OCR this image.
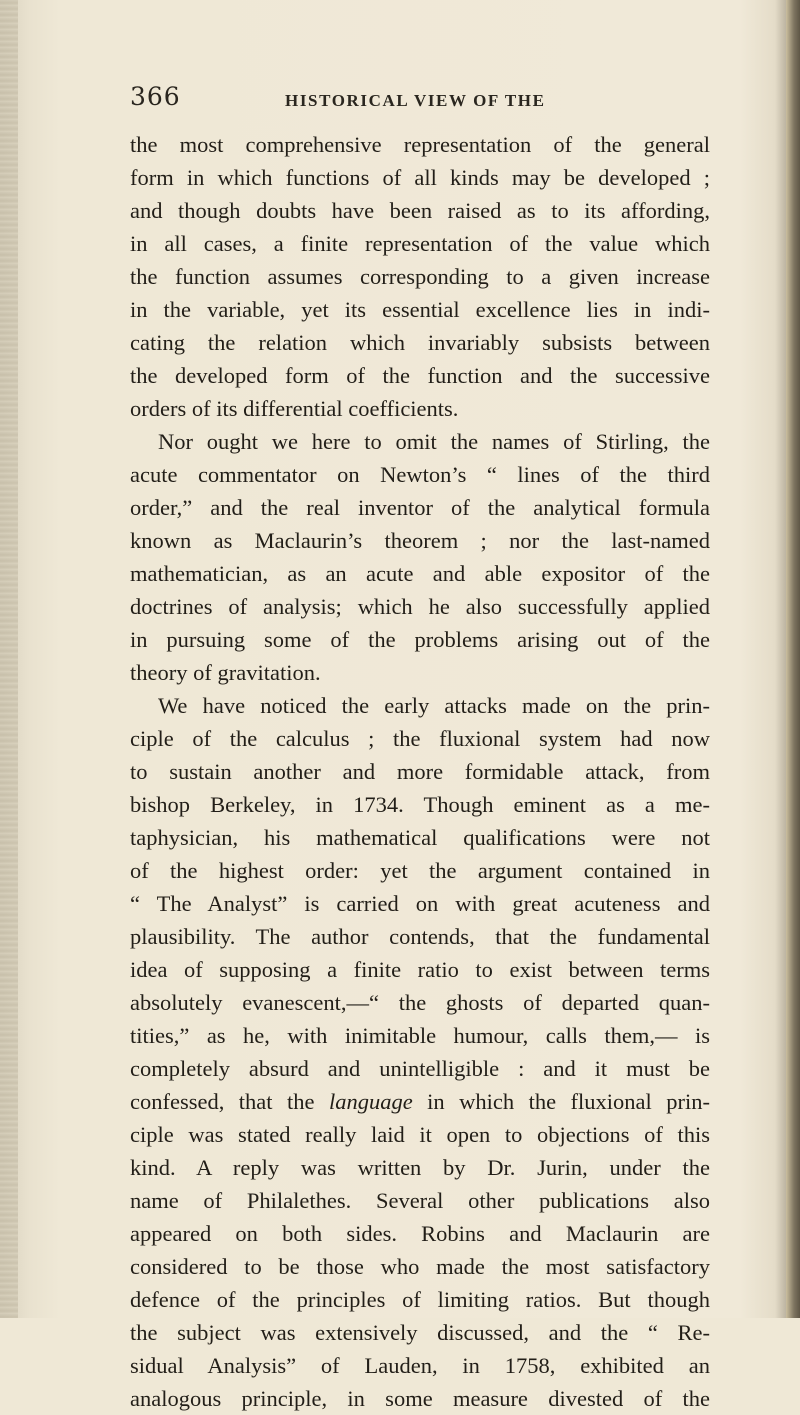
366	HISTORICAL VIEW OF THE
the most comprehensive representation of the general
form in which functions of all kinds may be developed ;
and though doubts have been raised as to its affording,
in all cases, a finite representation of the value which
the function assumes corresponding to a given increase
in the variable, yet its essential excellence lies in indi-
cating the relation which invariably subsists between
the developed form of the function and the successive
orders of its differential coefficients.
Nor ought we here to omit the names of Stirling, the
acute commentator on Newton’s “ lines of the third
order,” and the real inventor of the analytical formula
known as Maclaurin’s theorem ; nor the last-named
mathematician, as an acute and able expositor of the
doctrines of analysis; which he also successfully applied
in pursuing some of the problems arising out of the
theory of gravitation.
We have noticed the early attacks made on the prin-
ciple of the calculus ; the fluxional system had now
to sustain another and more formidable attack, from
bishop Berkeley, in 1734. Though eminent as a me-
taphysician, his mathematical qualifications were not
of the highest order: yet the argument contained in
“ The Analyst” is carried on with great acuteness and
plausibility. The author contends, that the fundamental
idea of supposing a finite ratio to exist between terms
absolutely evanescent,—“ the ghosts of departed quan-
tities,” as he, with inimitable humour, calls them,— is
completely absurd and unintelligible : and it must be
confessed, that the language in which the fluxional prin-
ciple was stated really laid it open to objections of this
kind. A reply was written by Dr. Jurin, under the
name of Philalethes. Several other publications also
appeared on both sides. Robins and Maclaurin are
considered to be those who made the most satisfactory
defence of the principles of limiting ratios. But though
the subject was extensively discussed, and the “ Re-
sidual Analysis” of Lauden, in 1758, exhibited an
analogous principle, in some measure divested of the
